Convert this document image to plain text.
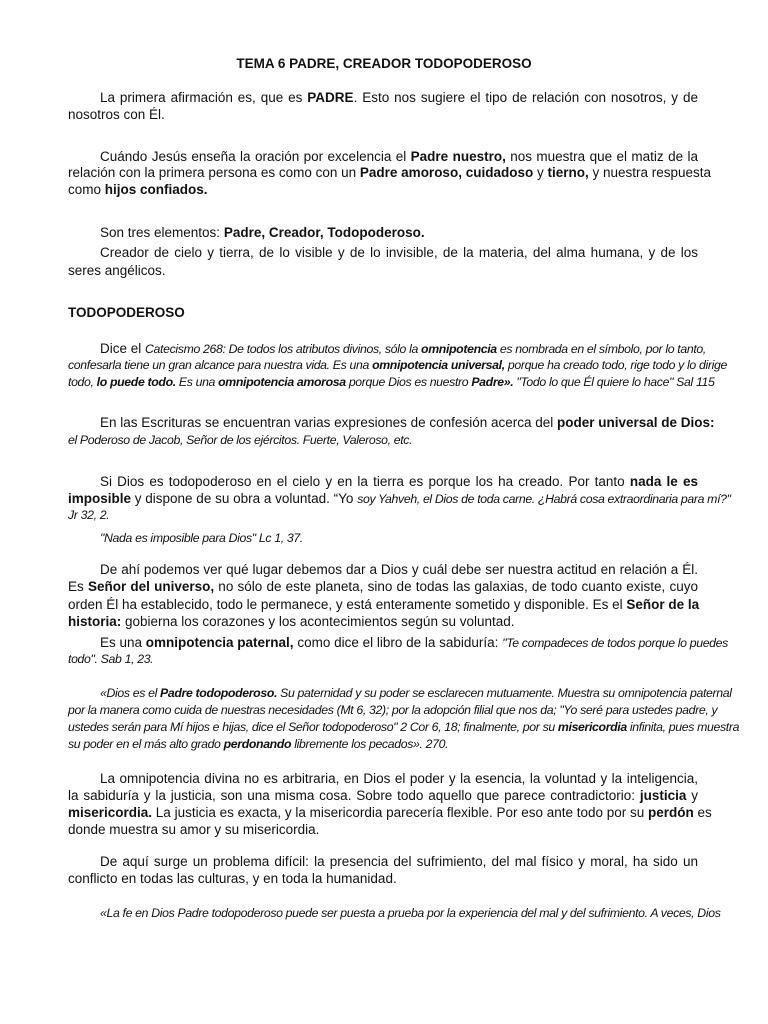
TEMA 6 PADRE, CREADOR TODOPODEROSO
La primera afirmación es, que es PADRE. Esto nos sugiere el tipo de relación con nosotros, y de
nosotros con Él.
Cuándo Jesús enseña la oración por excelencia el Padre nuestro, nos muestra que el matiz de la
relación con la primera persona es como con un Padre amoroso, cuidadoso y tierno, y nuestra respuesta
como hijos confiados.
Son tres elementos: Padre, Creador, Todopoderoso.
Creador de cielo y tierra, de lo visible y de lo invisible, de la materia, del alma humana, y de los
seres angélicos.
TODOPODEROSO
Dice el Catecismo 268: De todos los atributos divinos, sólo la omnipotencia es nombrada en el símbolo, por lo tanto,
confesarla tiene un gran alcance para nuestra vida. Es una omnipotencia universal, porque ha creado todo, rige todo y lo dirige
todo, lo puede todo. Es una omnipotencia amorosa porque Dios es nuestro Padre». "Todo lo que Él quiere lo hace" Sal 115
En las Escrituras se encuentran varias expresiones de confesión acerca del poder universal de Dios:
el Poderoso de Jacob, Señor de los ejércitos. Fuerte, Valeroso, etc.
Si Dios es todopoderoso en el cielo y en la tierra es porque los ha creado. Por tanto nada le es
imposible y dispone de su obra a voluntad. “Yo soy Yahveh, el Dios de toda carne. ¿Habrá cosa extraordinaria para mí?"
Jr 32, 2.
"Nada es imposible para Dios" Lc 1, 37.
De ahí podemos ver qué lugar debemos dar a Dios y cuál debe ser nuestra actitud en relación a Él.
Es Señor del universo, no sólo de este planeta, sino de todas las galaxias, de todo cuanto existe, cuyo
orden Él ha establecido, todo le permanece, y está enteramente sometido y disponible. Es el Señor de la
historia: gobierna los corazones y los acontecimientos según su voluntad.
Es una omnipotencia paternal, como dice el libro de la sabiduría: "Te compadeces de todos porque lo puedes
todo". Sab 1, 23.
«Dios es el Padre todopoderoso. Su paternidad y su poder se esclarecen mutuamente. Muestra su omnipotencia paternal
por la manera como cuida de nuestras necesidades (Mt 6, 32); por la adopción filial que nos da; "Yo seré para ustedes padre, y
ustedes serán para Mí hijos e hijas, dice el Señor todopoderoso" 2 Cor 6, 18; finalmente, por su misericordia infinita, pues muestra
su poder en el más alto grado perdonando libremente los pecados». 270.
La omnipotencia divina no es arbitraria, en Dios el poder y la esencia, la voluntad y la inteligencia,
la sabiduría y la justicia, son una misma cosa. Sobre todo aquello que parece contradictorio: justicia y
misericordia. La justicia es exacta, y la misericordia parecería flexible. Por eso ante todo por su perdón es
donde muestra su amor y su misericordia.
De aquí surge un problema difícil: la presencia del sufrimiento, del mal físico y moral, ha sido un
conflicto en todas las culturas, y en toda la humanidad.
«La fe en Dios Padre todopoderoso puede ser puesta a prueba por la experiencia del mal y del sufrimiento. A veces, Dios
